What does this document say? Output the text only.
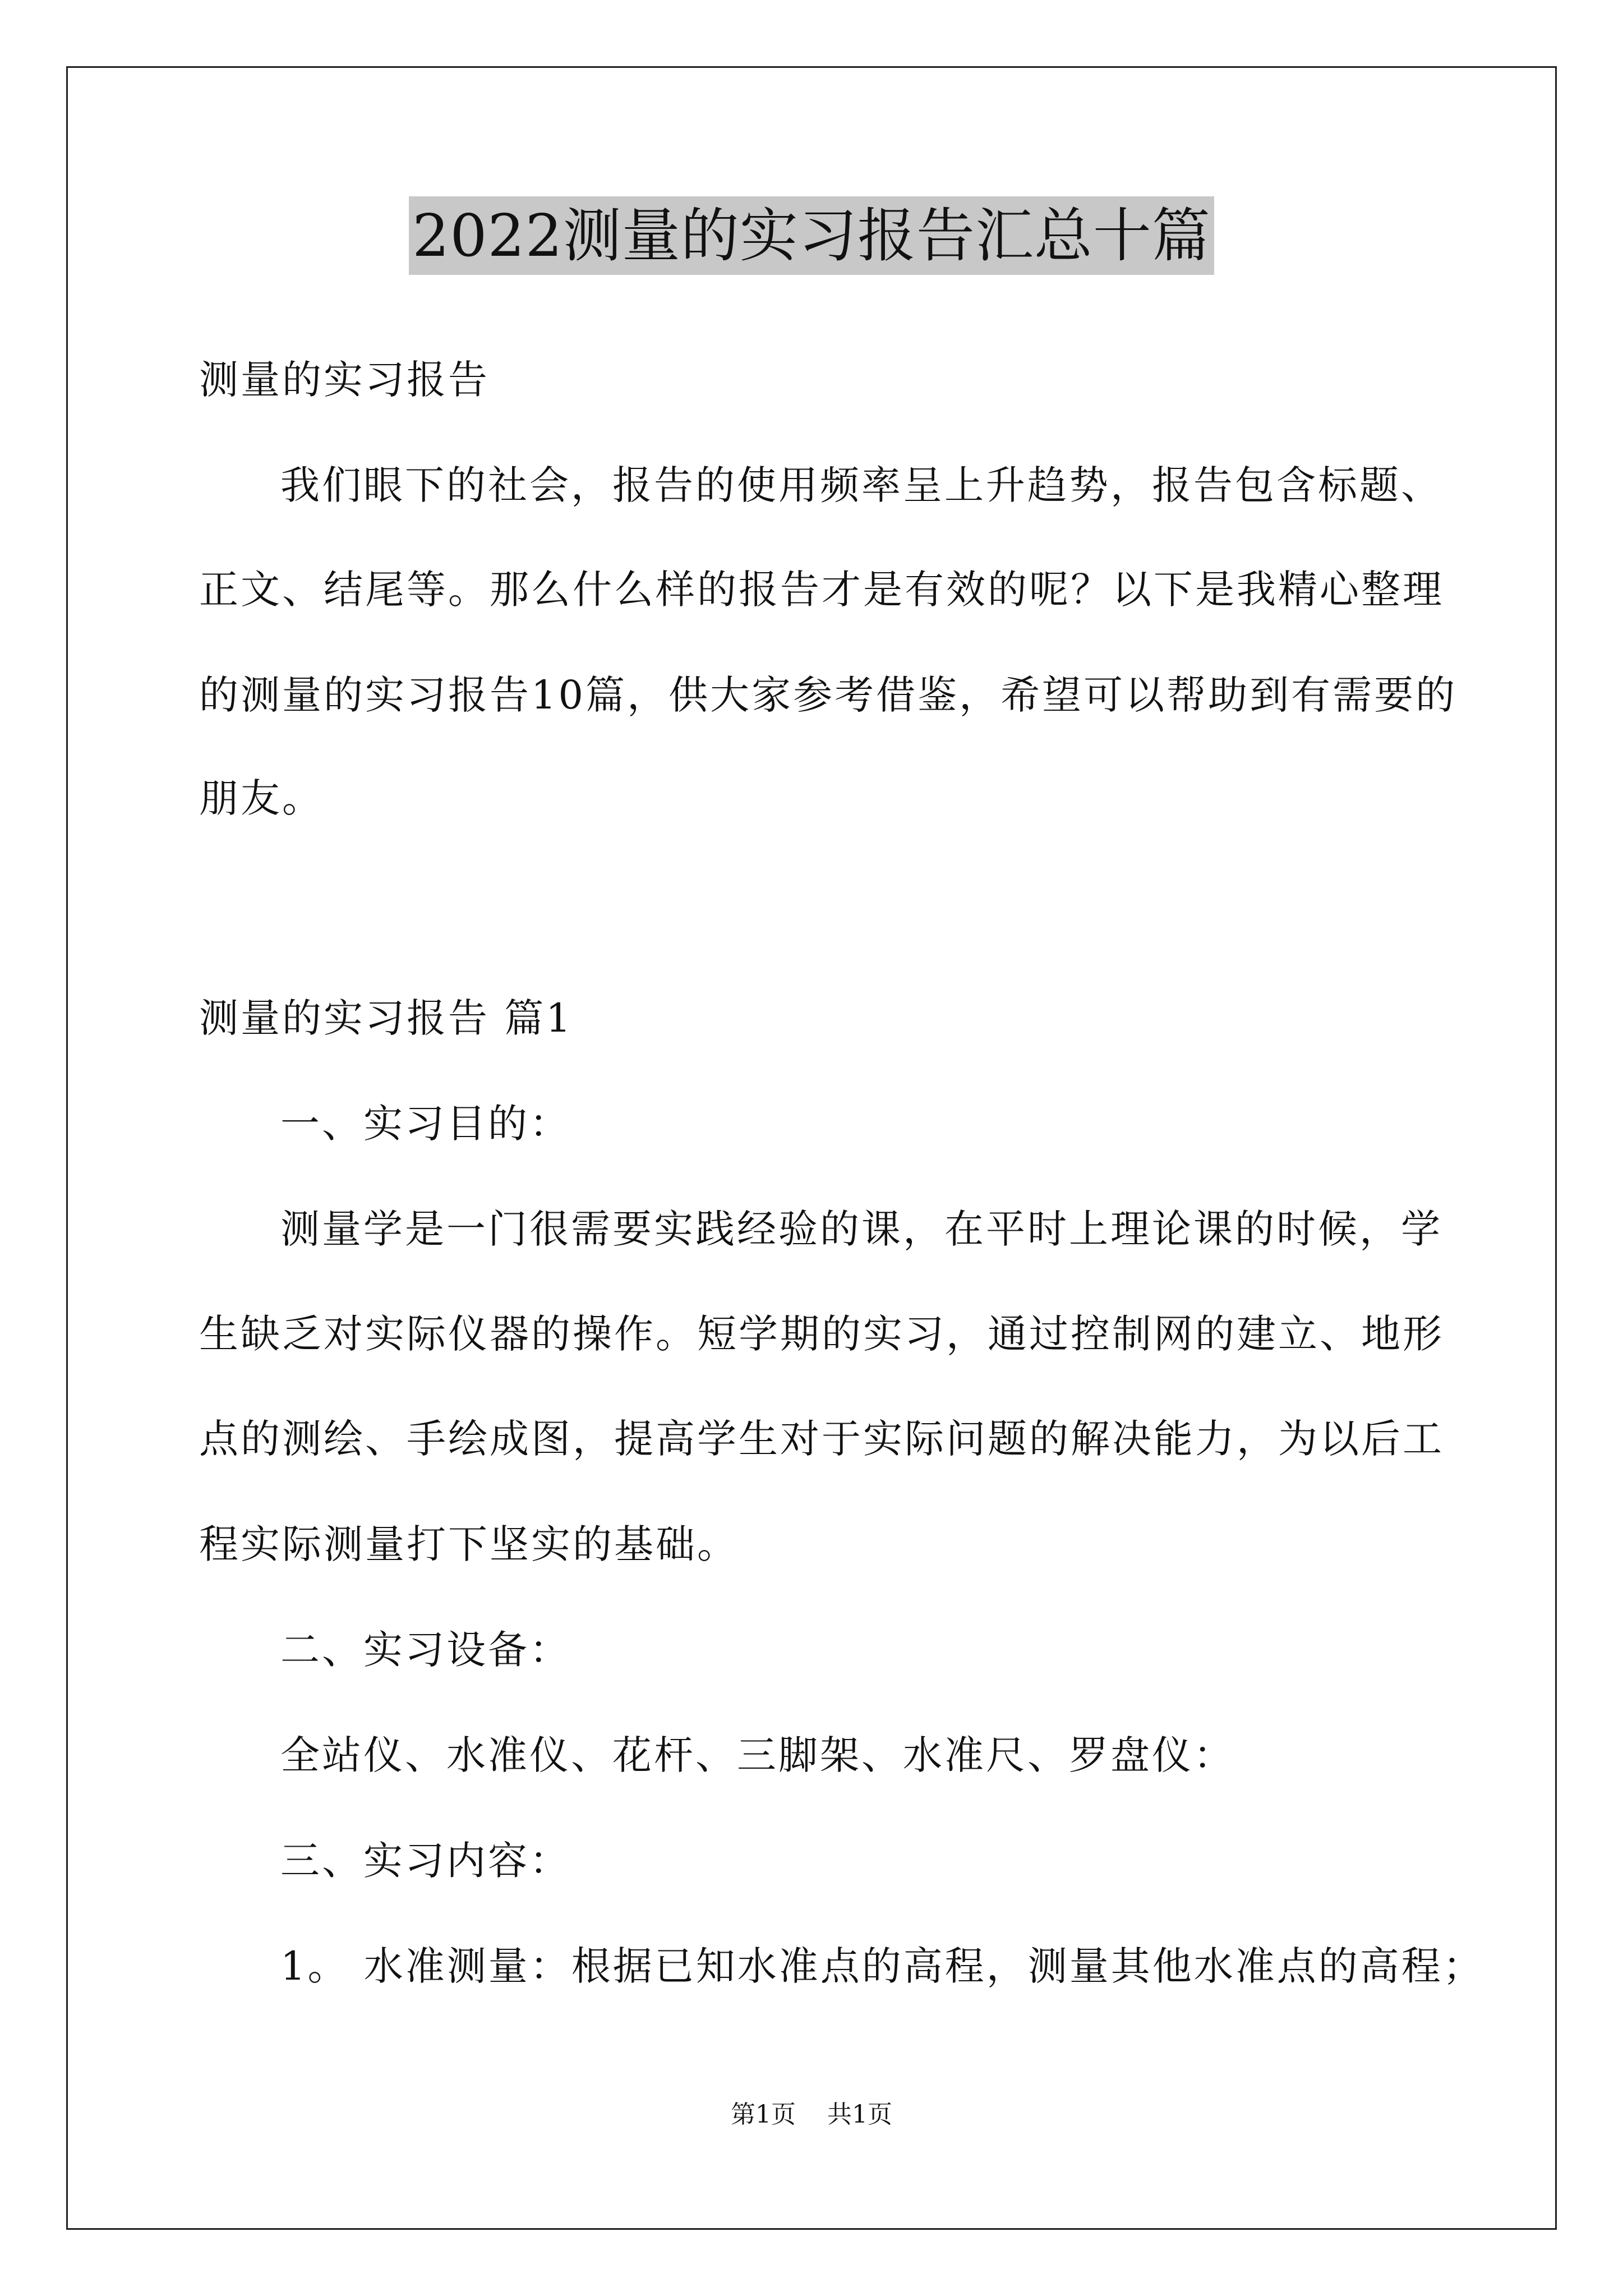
2022测量的实习报告汇总十篇
测量的实习报告
我们眼下的社会，报告的使用频率呈上升趋势，报告包含标题、
正文、结尾等。那么什么样的报告才是有效的呢？以下是我精心整理
的测量的实习报告10篇，供大家参考借鉴，希望可以帮助到有需要的
朋友。
测量的实习报告 篇1
一、实习目的：
测量学是一门很需要实践经验的课，在平时上理论课的时候，学
生缺乏对实际仪器的操作。短学期的实习，通过控制网的建立、地形
点的测绘、手绘成图，提高学生对于实际问题的解决能力，为以后工
程实际测量打下坚实的基础。
二、实习设备：
全站仪、水准仪、花杆、三脚架、水准尺、罗盘仪：
三、实习内容：
1。 水准测量：根据已知水准点的高程，测量其他水准点的高程；
第1页 共1页
